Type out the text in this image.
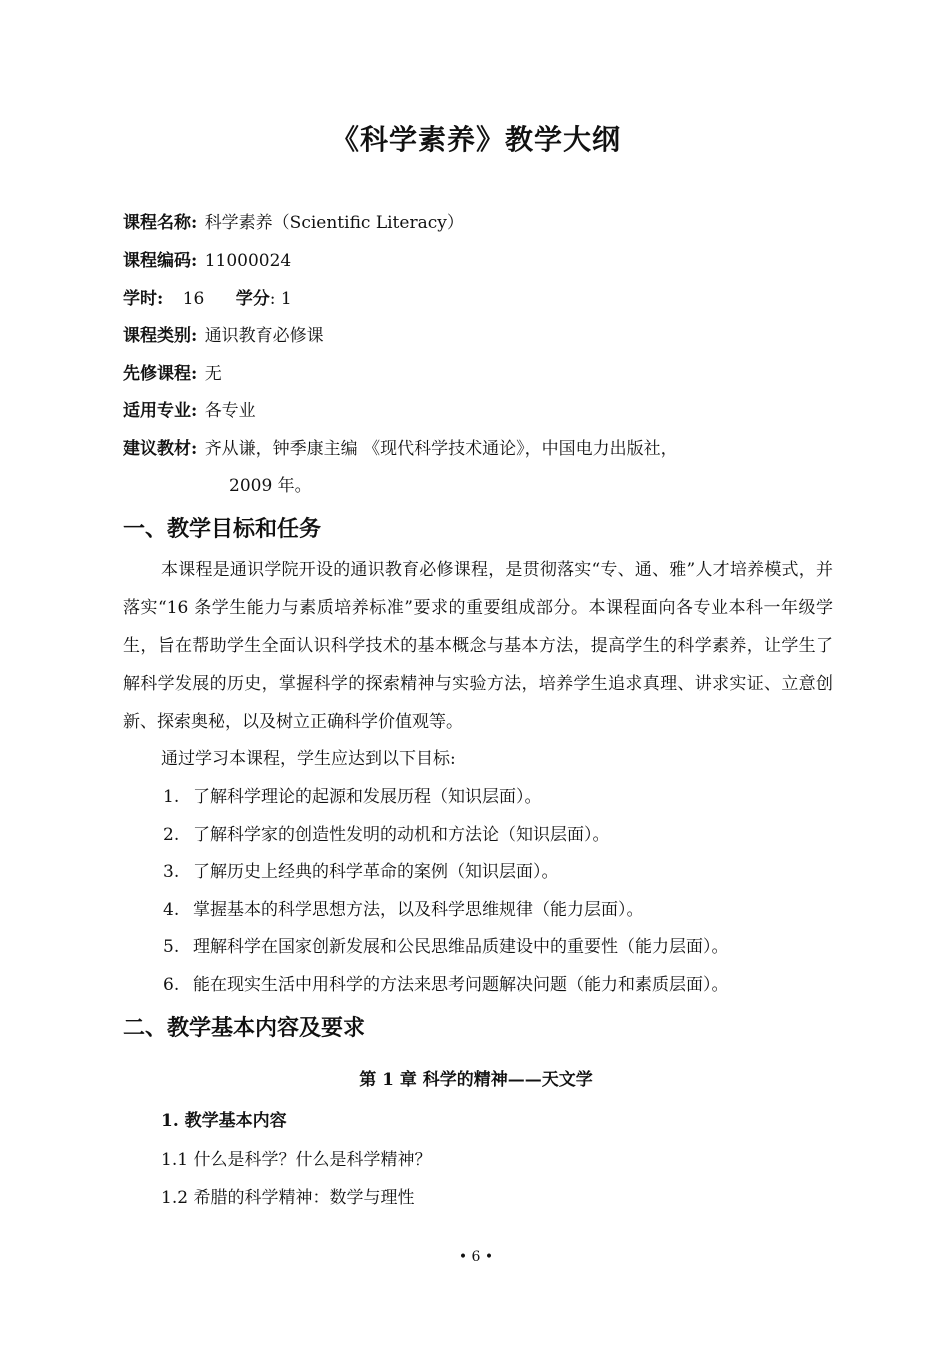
《科学素养》教学大纲
课程名称: 科学素养（Scientific Literacy）
课程编码: 11000024
学时: 16 学分: 1
课程类别: 通识教育必修课
先修课程: 无
适用专业: 各专业
建议教材: 齐从谦，钟季康主编 《现代科学技术通论》，中国电力出版社，
2009 年。
一、教学目标和任务
本课程是通识学院开设的通识教育必修课程，是贯彻落实“专、通、雅”人才培养模式，并落实“16 条学生能力与素质培养标准”要求的重要组成部分。本课程面向各专业本科一年级学生，旨在帮助学生全面认识科学技术的基本概念与基本方法，提高学生的科学素养，让学生了解科学发展的历史，掌握科学的探索精神与实验方法，培养学生追求真理、讲求实证、立意创新、探索奥秘，以及树立正确科学价值观等。
通过学习本课程，学生应达到以下目标:
1. 了解科学理论的起源和发展历程（知识层面）。
2. 了解科学家的创造性发明的动机和方法论（知识层面）。
3. 了解历史上经典的科学革命的案例（知识层面）。
4. 掌握基本的科学思想方法，以及科学思维规律（能力层面）。
5. 理解科学在国家创新发展和公民思维品质建设中的重要性（能力层面）。
6. 能在现实生活中用科学的方法来思考问题解决问题（能力和素质层面）。
二、教学基本内容及要求
第 1 章 科学的精神——天文学
1. 教学基本内容
1.1 什么是科学？什么是科学精神？
1.2 希腊的科学精神：数学与理性
• 6 •
